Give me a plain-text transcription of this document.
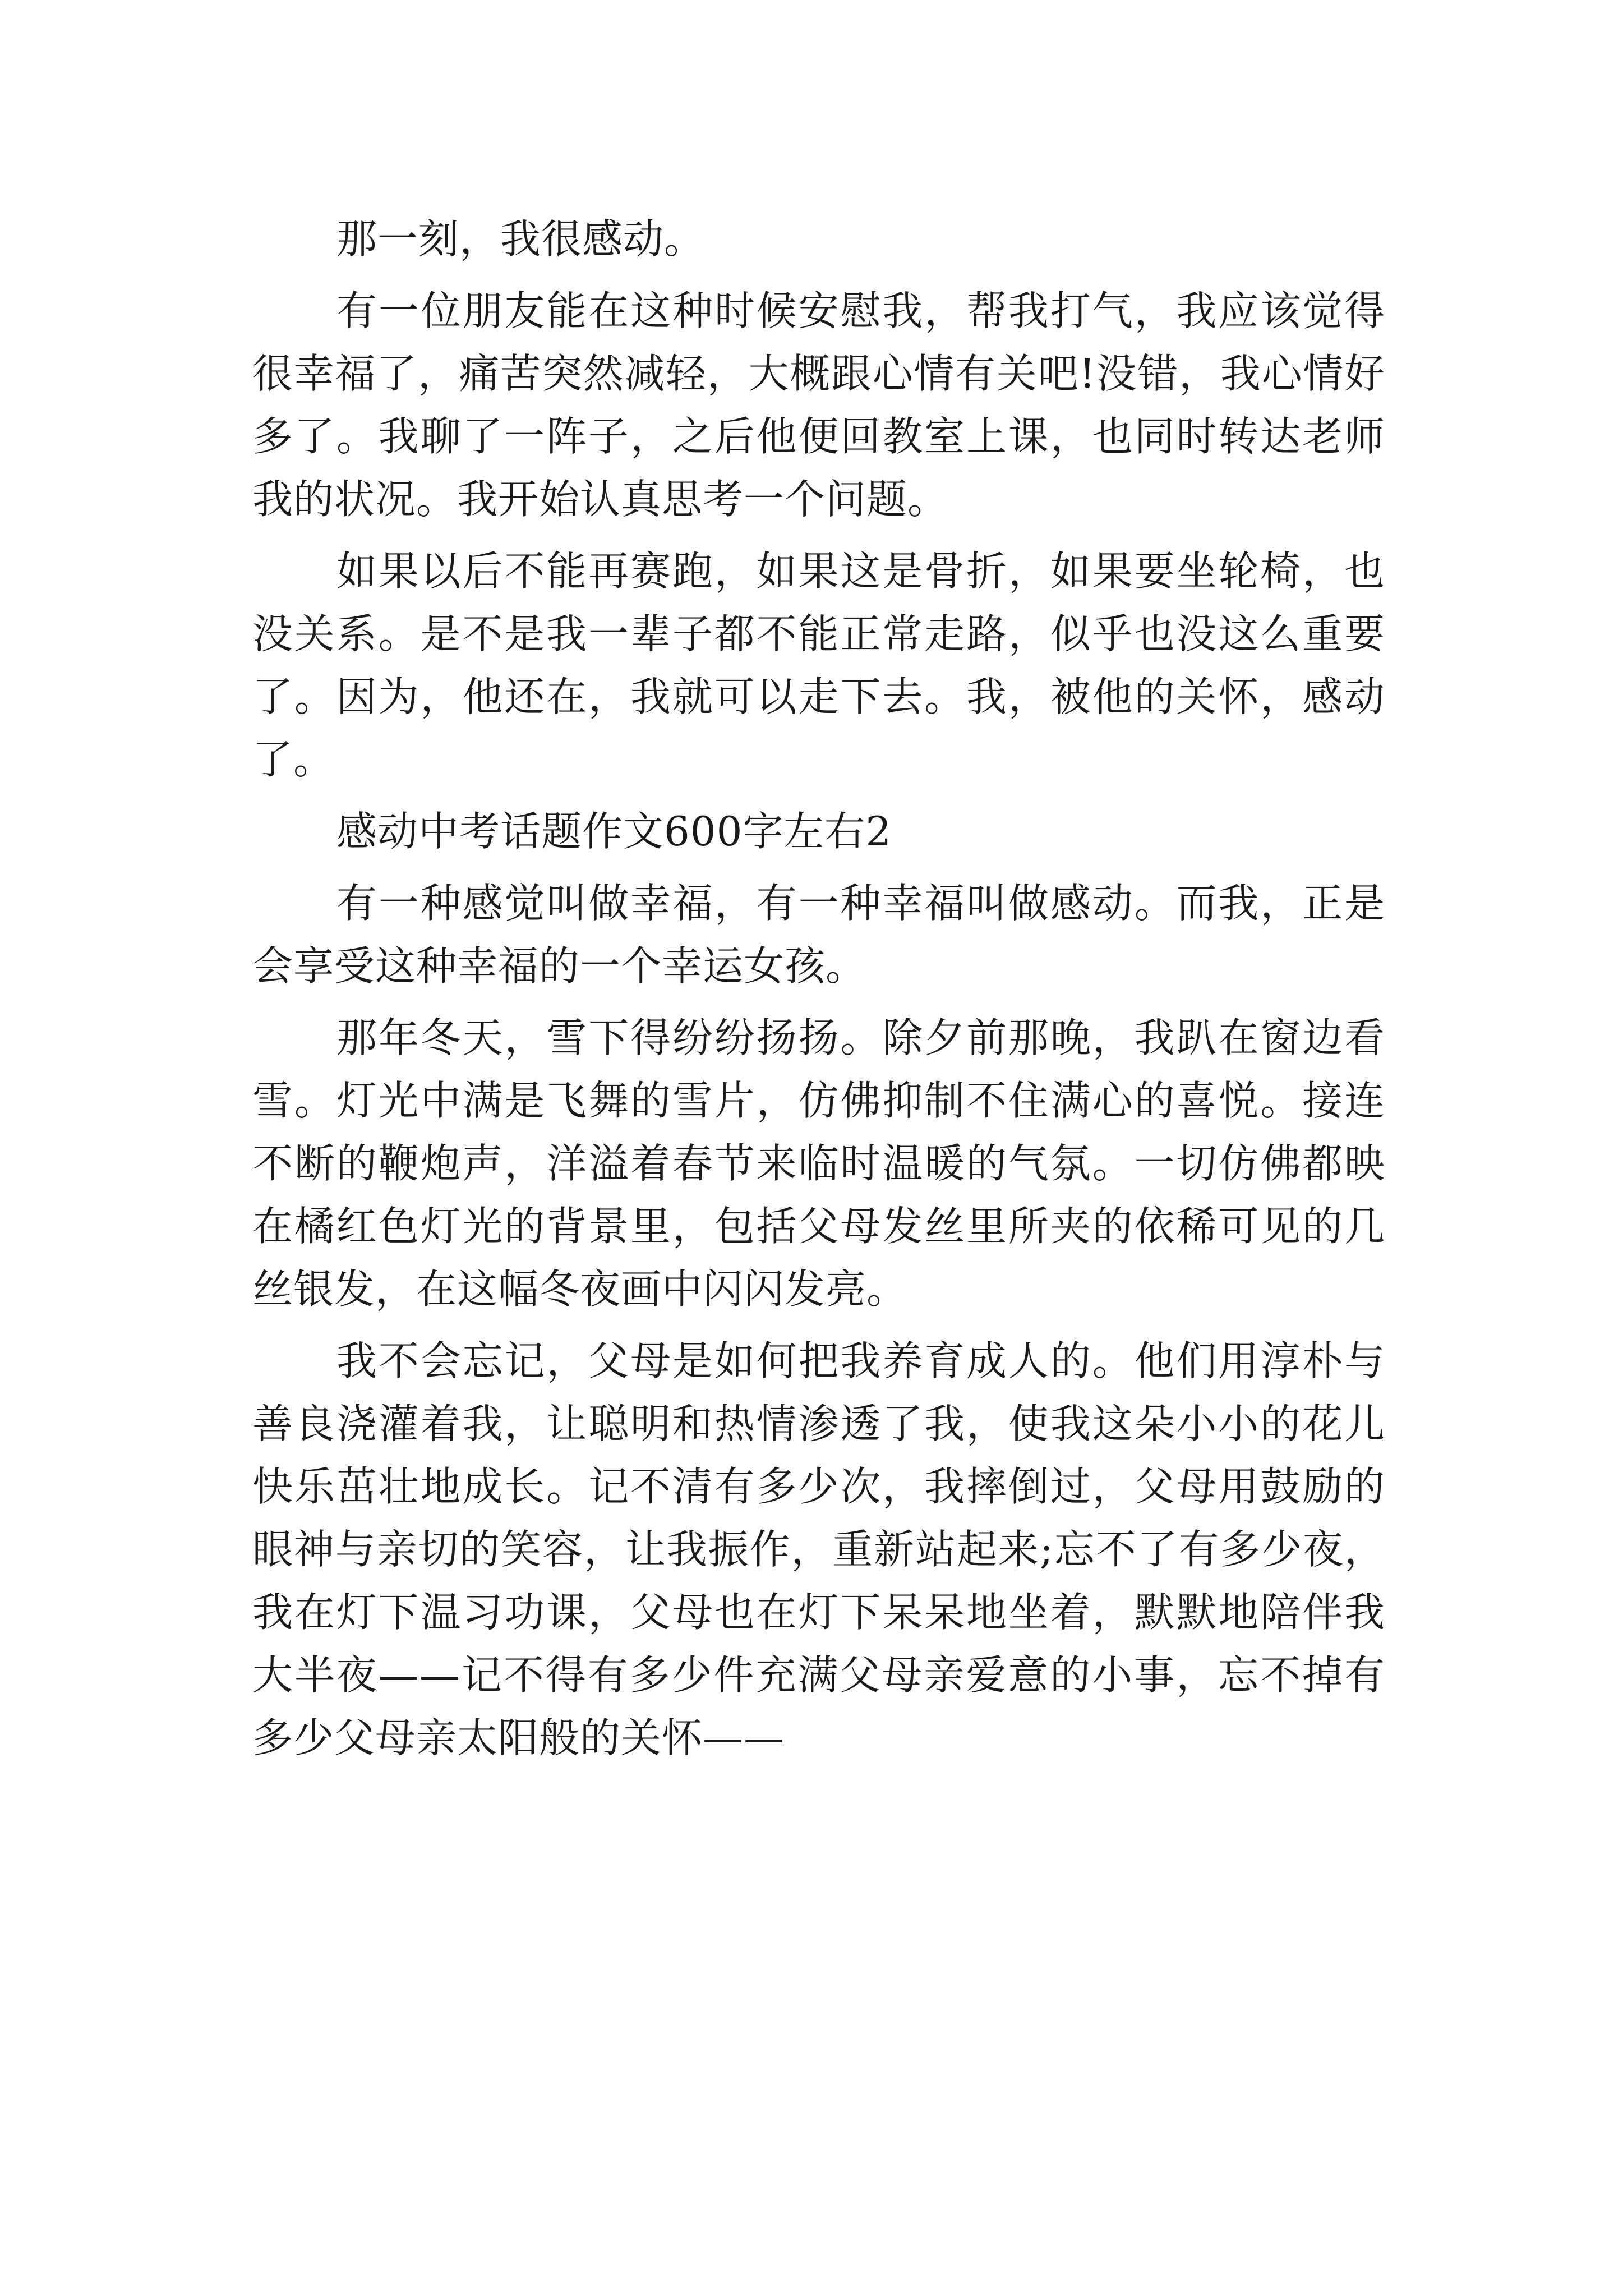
那一刻，我很感动。

有一位朋友能在这种时候安慰我，帮我打气，我应该觉得很幸福了，痛苦突然减轻，大概跟心情有关吧!没错，我心情好多了。我聊了一阵子，之后他便回教室上课，也同时转达老师我的状况。我开始认真思考一个问题。

如果以后不能再赛跑，如果这是骨折，如果要坐轮椅，也没关系。是不是我一辈子都不能正常走路，似乎也没这么重要了。因为，他还在，我就可以走下去。我，被他的关怀，感动了。

感动中考话题作文600字左右2

有一种感觉叫做幸福，有一种幸福叫做感动。而我，正是会享受这种幸福的一个幸运女孩。

那年冬天，雪下得纷纷扬扬。除夕前那晚，我趴在窗边看雪。灯光中满是飞舞的雪片，仿佛抑制不住满心的喜悦。接连不断的鞭炮声，洋溢着春节来临时温暖的气氛。一切仿佛都映在橘红色灯光的背景里，包括父母发丝里所夹的依稀可见的几丝银发，在这幅冬夜画中闪闪发亮。

我不会忘记，父母是如何把我养育成人的。他们用淳朴与善良浇灌着我，让聪明和热情渗透了我，使我这朵小小的花儿快乐茁壮地成长。记不清有多少次，我摔倒过，父母用鼓励的眼神与亲切的笑容，让我振作，重新站起来;忘不了有多少夜，我在灯下温习功课，父母也在灯下呆呆地坐着，默默地陪伴我大半夜——记不得有多少件充满父母亲爱意的小事，忘不掉有多少父母亲太阳般的关怀——
